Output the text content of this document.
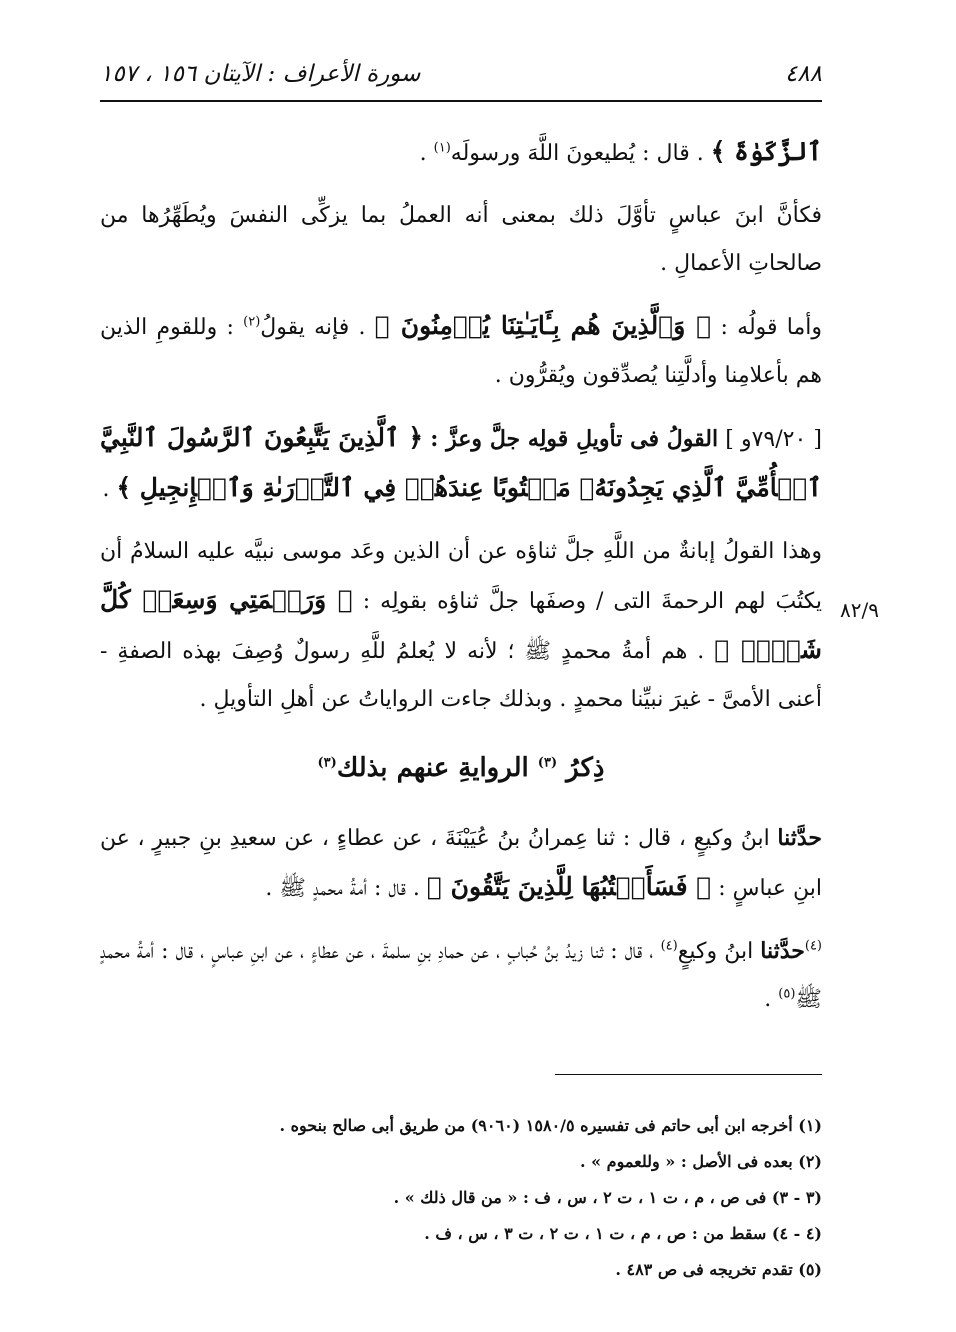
٤٨٨
سورة الأعراف : الآيتان ١٥٦ ، ١٥٧
٨٢/٩

ٱلزَّكَوٰةَ ﴾ . قال : يُطيعونَ اللَّهَ ورسولَه$^{(١)}$ .

فكأنَّ ابنَ عباسٍ تأوَّلَ ذلك بمعنى أنه العملُ بما يزكِّى النفسَ ويُطَهِّرُها من صالحاتِ الأعمالِ .

وأما قولُه : ﴿ وَٱلَّذِينَ هُم بِـَٔايَـٰتِنَا يُؤۡمِنُونَ ﴾ . فإنه يقولُ$^{(٢)}$ : وللقومِ الذين هم بأعلامِنا وأدلَّتِنا يُصدِّقون ويُقرُّون .

[ ٧٩/٢٠و ] القولُ فى تأويلِ قولِه جلَّ وعزَّ : ﴿ ٱلَّذِينَ يَتَّبِعُونَ ٱلرَّسُولَ ٱلنَّبِيَّ ٱلۡأُمِّيَّ ٱلَّذِي يَجِدُونَهُۥ مَكۡتُوبًا عِندَهُمۡ فِي ٱلتَّوۡرَىٰةِ وَٱلۡإِنجِيلِ ﴾ .

وهذا القولُ إبانةٌ من اللَّهِ جلَّ ثناؤه عن أن الذين وعَد موسى نبيَّه عليه السلامُ أن يكتُبَ لهم الرحمةَ التى / وصفَها جلَّ ثناؤه بقولِه : ﴿ وَرَحۡمَتِي وَسِعَتۡ كُلَّ شَيۡءٖ ﴾ . هم أمةُ محمدٍ ﷺ ؛ لأنه لا يُعلمُ للَّهِ رسولٌ وُصِفَ بهذه الصفةِ - أعنى الأمىَّ - غيرَ نبيِّنا محمدٍ . وبذلك جاءت الرواياتُ عن أهلِ التأويلِ .

ذِكرُ $^{(٣)}$ الروايةِ عنهم بذلك$^{(٣)}$

حدَّثنا ابنُ وكيعٍ ، قال : ثنا عِمرانُ بنُ عُيَيْنَةَ ، عن عطاءٍ ، عن سعيدِ بنِ جبيرٍ ، عن ابنِ عباسٍ : ﴿ فَسَأَكۡتُبُهَا لِلَّذِينَ يَتَّقُونَ ﴾ . قال : أمةُ محمدٍ ﷺ .

$^{(٤)}$حدَّثنا ابنُ وكيعٍ$^{(٤)}$ ، قال : ثنا زيدُ بنُ حُبابٍ ، عن حمادِ بنِ سلمةَ ، عن عطاءٍ ، عن ابنِ عباسٍ ، قال : أمةُ محمدٍ ﷺ$^{(٥)}$ .

(١) أخرجه ابن أبى حاتم فى تفسيره ١٥٨٠/٥ (٩٠٦٠) من طريق أبى صالح بنحوه .
(٢) بعده فى الأصل : « وللعموم » .
(٣ - ٣) فى ص ، م ، ت ١ ، ت ٢ ، س ، ف : « من قال ذلك » .
(٤ - ٤) سقط من : ص ، م ، ت ١ ، ت ٢ ، ت ٣ ، س ، ف .
(٥) تقدم تخريجه فى ص ٤٨٣ .
